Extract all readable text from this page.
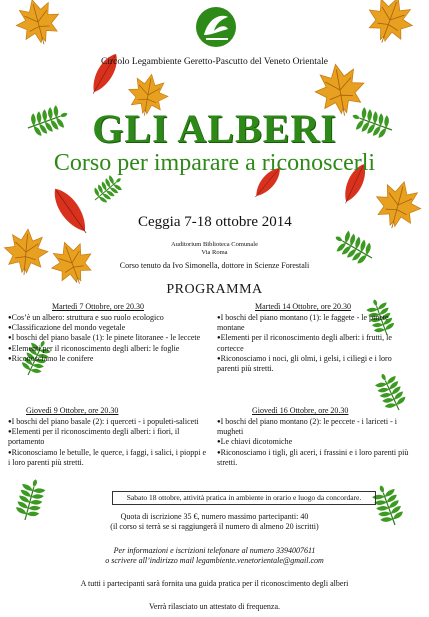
Circolo Legambiente Geretto-Pascutto del Veneto Orientale
GLI ALBERI
Corso per imparare a riconoscerli
Ceggia 7-18 ottobre 2014
Auditorium Biblioteca Comunale
Via Roma
Corso tenuto da Ivo Simonella, dottore in Scienze Forestali
PROGRAMMA
Martedì 7 Ottobre, ore 20.30
● Cos’è un albero: struttura e suo ruolo ecologico
● Classificazione del mondo vegetale
● I boschi del piano basale (1): le pinete litoranee - le leccete
● Elementi per il riconoscimento degli alberi: le foglie
● Riconosciamo le conifere
Martedì 14 Ottobre, ore 20.30
● I boschi del piano montano (1): le faggete - le pinete montane
● Elementi per il riconoscimento degli alberi: i frutti, le cortecce
● Riconosciamo i noci, gli olmi, i gelsi, i ciliegi e i loro parenti più stretti.
Giovedì 9 Ottobre, ore 20.30
● I boschi del piano basale (2): i querceti - i populeti-saliceti
● Elementi per il riconoscimento degli alberi: i fiori, il portamento
● Riconosciamo le betulle, le querce, i faggi, i salici, i pioppi e i loro parenti più stretti.
Giovedì 16 Ottobre, ore 20.30
● I boschi del piano montano (2): le peccete - i lariceti - i mugheti
● Le chiavi dicotomiche
● Riconosciamo i tigli, gli aceri, i frassini e i loro parenti più stretti.
Sabato 18 ottobre, attività pratica in ambiente in orario e luogo da concordare.
Quota di iscrizione 35 €, numero massimo partecipanti: 40
(il corso si terrà se si raggiungerà il numero di almeno 20 iscritti)
Per informazioni e iscrizioni telefonare al numero 3394007611
o scrivere all’indirizzo mail legambiente.venetorientale@gmail.com
A tutti i partecipanti sarà fornita una guida pratica per il riconoscimento degli alberi
Verrà rilasciato un attestato di frequenza.
